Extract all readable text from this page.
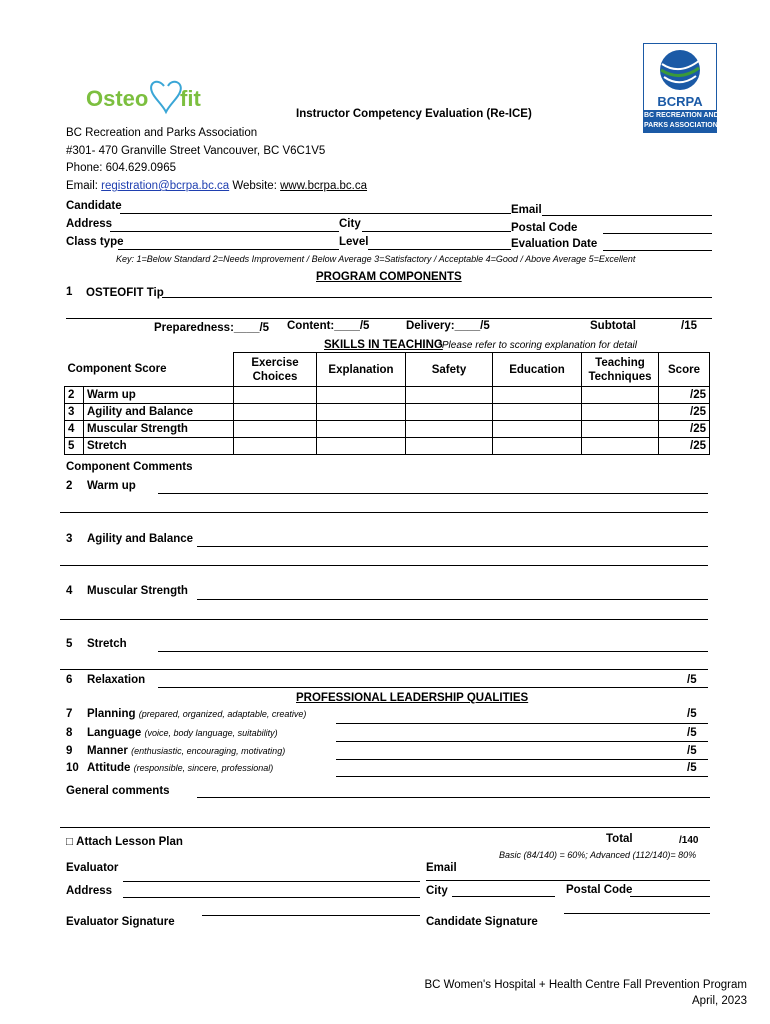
Osteo fit	BCRPA
BC RECREATION AND
PARKS ASSOCIATION
Instructor Competency Evaluation (Re-ICE)
BC Recreation and Parks Association
#301- 470 Granville Street Vancouver, BC V6C1V5
Phone: 604.629.0965
Email: registration@bcrpa.bc.ca Website: www.bcrpa.bc.ca
Candidate	Email
Address	City	Postal Code
Class type	Level	Evaluation Date
Key: 1=Below Standard 2=Needs Improvement / Below Average 3=Satisfactory / Acceptable 4=Good / Above Average 5=Excellent
PROGRAM COMPONENTS
1 OSTEOFIT Tip
Preparedness:____/5 Content:____/5	Delivery:____/5	Subtotal	/15
SKILLS IN TEACHING
*Please refer to scoring explanation for detail
Component Score		Exercise Choices	Explanation	Safety	Education	Teaching Techniques	Score
2	Warm up						/25
3	Agility and Balance						/25
4	Muscular Strength						/25
5	Stretch						/25
Component Comments
2 Warm up
3 Agility and Balance
4 Muscular Strength
5 Stretch
6 Relaxation	/5
PROFESSIONAL LEADERSHIP QUALITIES
7 Planning (prepared, organized, adaptable, creative)	/5
8 Language (voice, body language, suitability)	/5
9 Manner (enthusiastic, encouraging, motivating)	/5
10 Attitude (responsible, sincere, professional)	/5
General comments
□ Attach Lesson Plan	Total	/140
Basic (84/140) = 60%; Advanced (112/140)= 80%
Evaluator	Email
Address	City	Postal Code
Evaluator Signature	Candidate Signature
BC Women's Hospital + Health Centre Fall Prevention Program
April, 2023
